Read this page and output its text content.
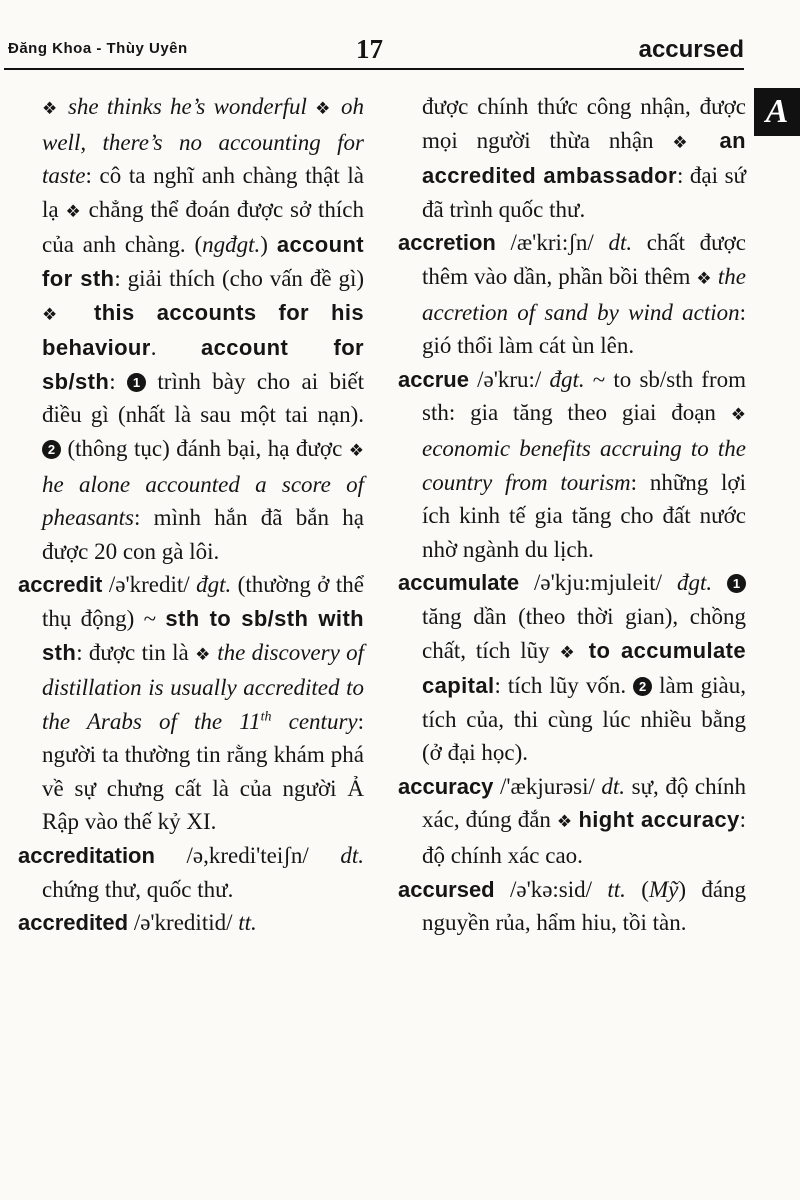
Đăng Khoa - Thùy Uyên	17	accursed
A

❖ she thinks he’s wonderful ❖ oh well, there’s no accounting for taste: cô ta nghĩ anh chàng thật là lạ ❖ chẳng thể đoán được sở thích của anh chàng. (ngđgt.) account for sth: giải thích (cho vấn đề gì) ❖ this accounts for his behaviour. account for sb/sth: 1 trình bày cho ai biết điều gì (nhất là sau một tai nạn). 2 (thông tục) đánh bại, hạ được ❖ he alone accounted a score of pheasants: mình hắn đã bắn hạ được 20 con gà lôi.

accredit /ə'kredit/ đgt. (thường ở thể thụ động) ~ sth to sb/sth with sth: được tin là ❖ the discovery of distillation is usually accredited to the Arabs of the 11th century: người ta thường tin rằng khám phá về sự chưng cất là của người Ả Rập vào thế kỷ XI.

accreditation /ə,kredi'teiʃn/ dt. chứng thư, quốc thư.

accredited /ə'kreditid/ tt.

được chính thức công nhận, được mọi người thừa nhận ❖ an accredited ambassador: đại sứ đã trình quốc thư.

accretion /æ'kri:ʃn/ dt. chất được thêm vào dần, phần bồi thêm ❖ the accretion of sand by wind action: gió thổi làm cát ùn lên.

accrue /ə'kru:/ đgt. ~ to sb/sth from sth: gia tăng theo giai đoạn ❖ economic benefits accruing to the country from tourism: những lợi ích kinh tế gia tăng cho đất nước nhờ ngành du lịch.

accumulate /ə'kju:mjuleit/ đgt. 1 tăng dần (theo thời gian), chồng chất, tích lũy ❖ to accumulate capital: tích lũy vốn. 2 làm giàu, tích của, thi cùng lúc nhiều bằng (ở đại học).

accuracy /'ækjurəsi/ dt. sự, độ chính xác, đúng đắn ❖ hight accuracy: độ chính xác cao.

accursed /ə'kə:sid/ tt. (Mỹ) đáng nguyền rủa, hẩm hiu, tồi tàn.
